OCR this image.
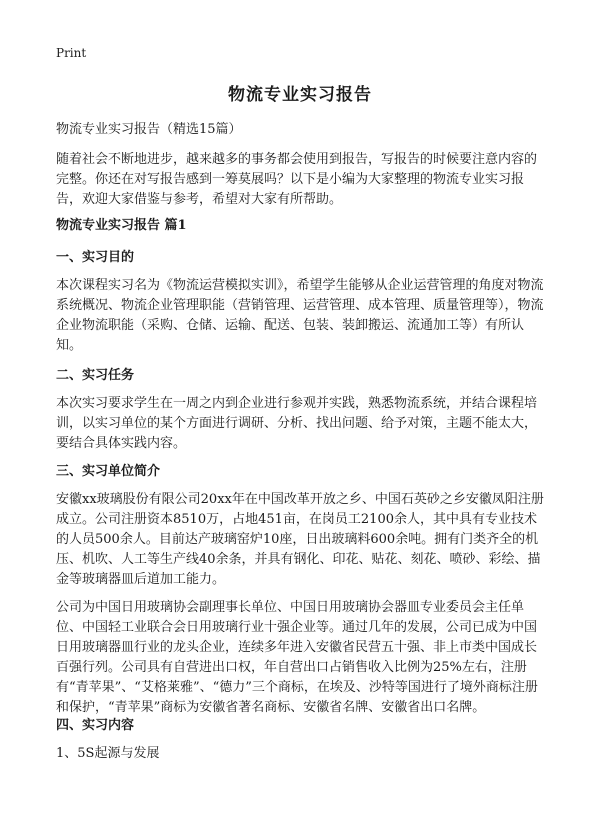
Print
物流专业实习报告

物流专业实习报告（精选15篇）

随着社会不断地进步，越来越多的事务都会使用到报告，写报告的时候要注意内容的完整。你还在对写报告感到一筹莫展吗？以下是小编为大家整理的物流专业实习报告，欢迎大家借鉴与参考，希望对大家有所帮助。

物流专业实习报告 篇1

一、实习目的

本次课程实习名为《物流运营模拟实训》，希望学生能够从企业运营管理的角度对物流系统概况、物流企业管理职能（营销管理、运营管理、成本管理、质量管理等），物流企业物流职能（采购、仓储、运输、配送、包装、装卸搬运、流通加工等）有所认知。

二、实习任务

本次实习要求学生在一周之内到企业进行参观并实践，熟悉物流系统，并结合课程培训，以实习单位的某个方面进行调研、分析、找出问题、给予对策，主题不能太大，要结合具体实践内容。

三、实习单位简介

安徽xx玻璃股份有限公司20xx年在中国改革开放之乡、中国石英砂之乡安徽凤阳注册成立。公司注册资本8510万，占地451亩，在岗员工2100余人，其中具有专业技术的人员500余人。目前达产玻璃窑炉10座，日出玻璃料600余吨。拥有门类齐全的机压、机吹、人工等生产线40余条，并具有钢化、印花、贴花、刻花、喷砂、彩绘、描金等玻璃器皿后道加工能力。

公司为中国日用玻璃协会副理事长单位、中国日用玻璃协会器皿专业委员会主任单位、中国轻工业联合会日用玻璃行业十强企业等。通过几年的发展，公司已成为中国日用玻璃器皿行业的龙头企业，连续多年进入安徽省民营五十强、非上市类中国成长百强行列。公司具有自营进出口权，年自营出口占销售收入比例为25%左右，注册有“青苹果”、“艾格莱雅”、“德力”三个商标，在埃及、沙特等国进行了境外商标注册和保护，“青苹果”商标为安徽省著名商标、安徽省名牌、安徽省出口名牌。

四、实习内容

1、5S起源与发展
